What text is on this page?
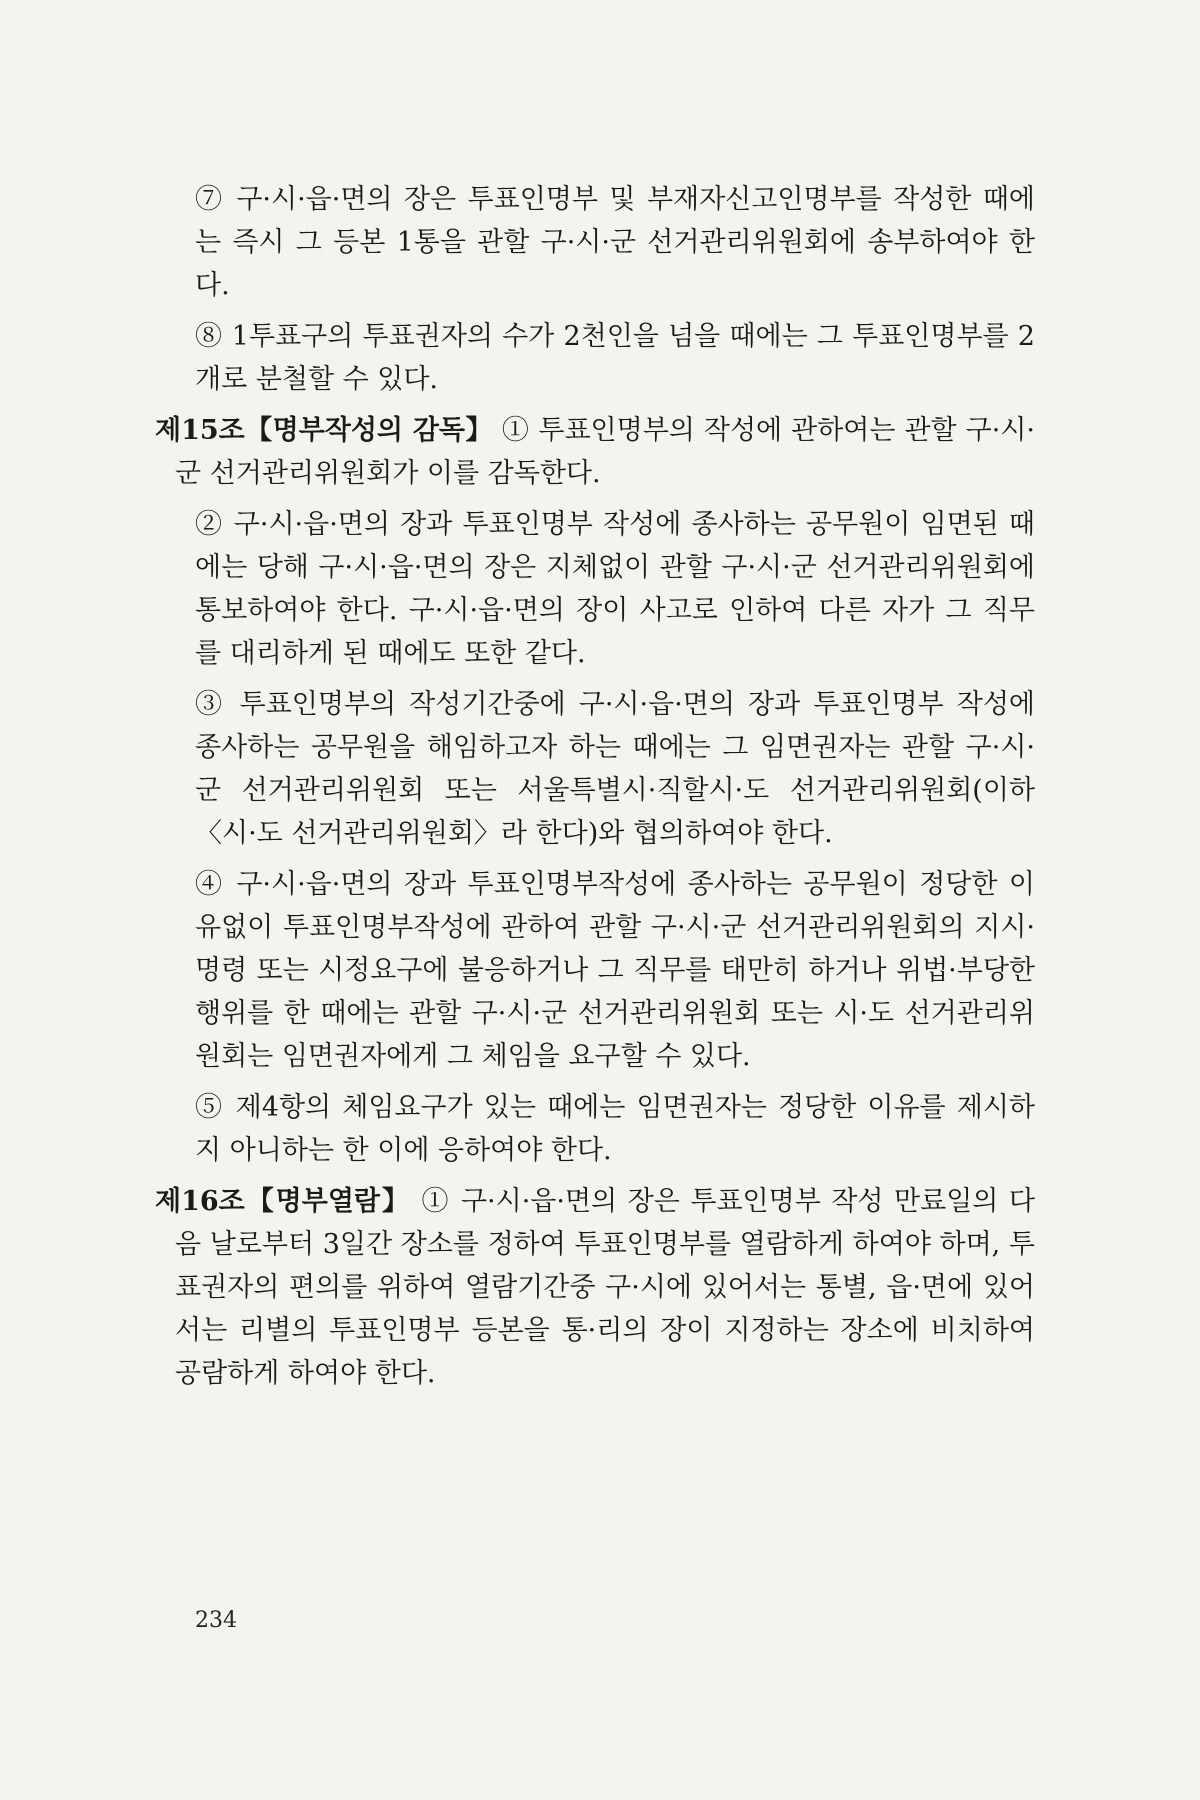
⑦ 구·시·읍·면의 장은 투표인명부 및 부재자신고인명부를 작성한 때에는 즉시 그 등본 1통을 관할 구·시·군 선거관리위원회에 송부하여야 한다.

⑧ 1투표구의 투표권자의 수가 2천인을 넘을 때에는 그 투표인명부를 2개로 분철할 수 있다.

제15조【명부작성의 감독】 ① 투표인명부의 작성에 관하여는 관할 구·시·군 선거관리위원회가 이를 감독한다.

② 구·시·읍·면의 장과 투표인명부 작성에 종사하는 공무원이 임면된 때에는 당해 구·시·읍·면의 장은 지체없이 관할 구·시·군 선거관리위원회에 통보하여야 한다. 구·시·읍·면의 장이 사고로 인하여 다른 자가 그 직무를 대리하게 된 때에도 또한 같다.

③ 투표인명부의 작성기간중에 구·시·읍·면의 장과 투표인명부 작성에 종사하는 공무원을 해임하고자 하는 때에는 그 임면권자는 관할 구·시·군 선거관리위원회 또는 서울특별시·직할시·도 선거관리위원회(이하 〈시·도 선거관리위원회〉라 한다)와 협의하여야 한다.

④ 구·시·읍·면의 장과 투표인명부작성에 종사하는 공무원이 정당한 이유없이 투표인명부작성에 관하여 관할 구·시·군 선거관리위원회의 지시·명령 또는 시정요구에 불응하거나 그 직무를 태만히 하거나 위법·부당한 행위를 한 때에는 관할 구·시·군 선거관리위원회 또는 시·도 선거관리위원회는 임면권자에게 그 체임을 요구할 수 있다.

⑤ 제4항의 체임요구가 있는 때에는 임면권자는 정당한 이유를 제시하지 아니하는 한 이에 응하여야 한다.

제16조【명부열람】 ① 구·시·읍·면의 장은 투표인명부 작성 만료일의 다음 날로부터 3일간 장소를 정하여 투표인명부를 열람하게 하여야 하며, 투표권자의 편의를 위하여 열람기간중 구·시에 있어서는 통별, 읍·면에 있어서는 리별의 투표인명부 등본을 통·리의 장이 지정하는 장소에 비치하여 공람하게 하여야 한다.

234
